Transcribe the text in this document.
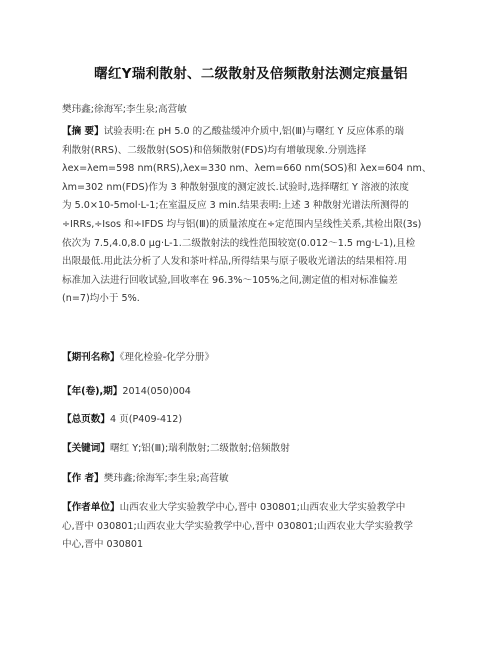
曙红Y瑞利散射、二级散射及倍频散射法测定痕量铝
樊玮鑫;徐海军;李生泉;高营敏
【摘 要】试验表明:在 pH 5.0 的乙酸盐缓冲介质中,铝(Ⅲ)与曙红 Y 反应体系的瑞
利散射(RRS)、二级散射(SOS)和倍频散射(FDS)均有增敏现象.分别选择
λex=λem=598 nm(RRS),λex=330 nm、λem=660 nm(SOS)和 λex=604 nm、
λm=302 nm(FDS)作为 3 种散射强度的测定波长.试验时,选择曙红 Y 溶液的浓度
为 5.0×10-5mol·L-1;在室温反应 3 min.结果表明:上述 3 种散射光谱法所测得的
÷IRRs,÷Isos 和÷IFDS 均与铝(Ⅲ)的质量浓度在÷定范围内呈线性关系,其检出限(3s)
依次为 7.5,4.0,8.0 μg·L-1.二级散射法的线性范围较宽(0.012～1.5 mg·L-1),且检
出限最低.用此法分析了人发和茶叶样品,所得结果与原子吸收光谱法的结果相符.用
标准加入法进行回收试验,回收率在 96.3%～105%之间,测定值的相对标准偏差
(n=7)均小于 5%.
【期刊名称】《理化检验-化学分册》
【年(卷),期】2014(050)004
【总页数】4 页(P409-412)
【关键词】曙红 Y;铝(Ⅲ);瑞利散射;二级散射;倍频散射
【作 者】樊玮鑫;徐海军;李生泉;高营敏
【作者单位】山西农业大学实验教学中心,晋中 030801;山西农业大学实验教学中
心,晋中 030801;山西农业大学实验教学中心,晋中 030801;山西农业大学实验教学
中心,晋中 030801
